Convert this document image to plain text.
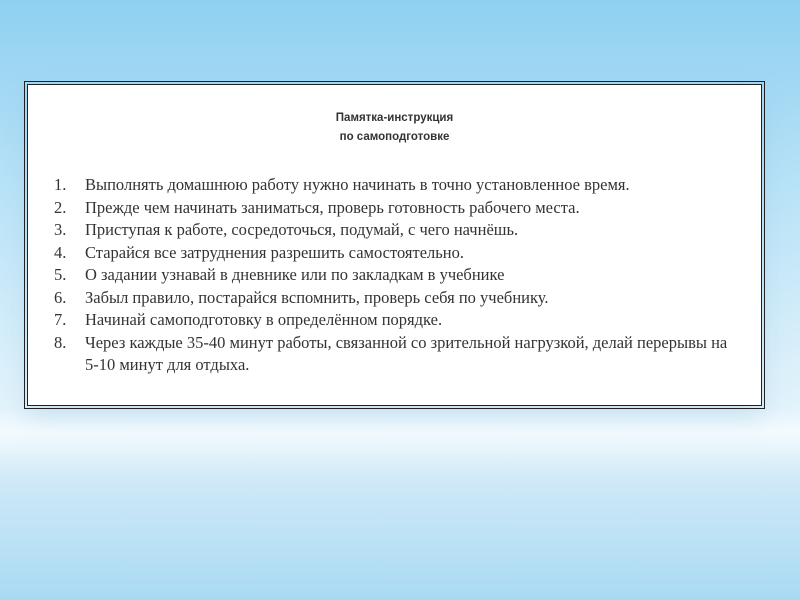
Памятка-инструкция
по самоподготовке
1.	Выполнять домашнюю работу нужно начинать в точно установленное время.
2.	Прежде чем начинать заниматься, проверь готовность рабочего места.
3.	Приступая к работе, сосредоточься, подумай, с чего начнёшь.
4.	Старайся все затруднения разрешить самостоятельно.
5.	О задании узнавай в дневнике или по закладкам в учебнике
6.	Забыл правило, постарайся вспомнить, проверь себя по учебнику.
7.	Начинай самоподготовку в определённом порядке.
8.	Через каждые 35-40 минут работы, связанной со зрительной нагрузкой, делай перерывы на 5-10 минут для отдыха.
